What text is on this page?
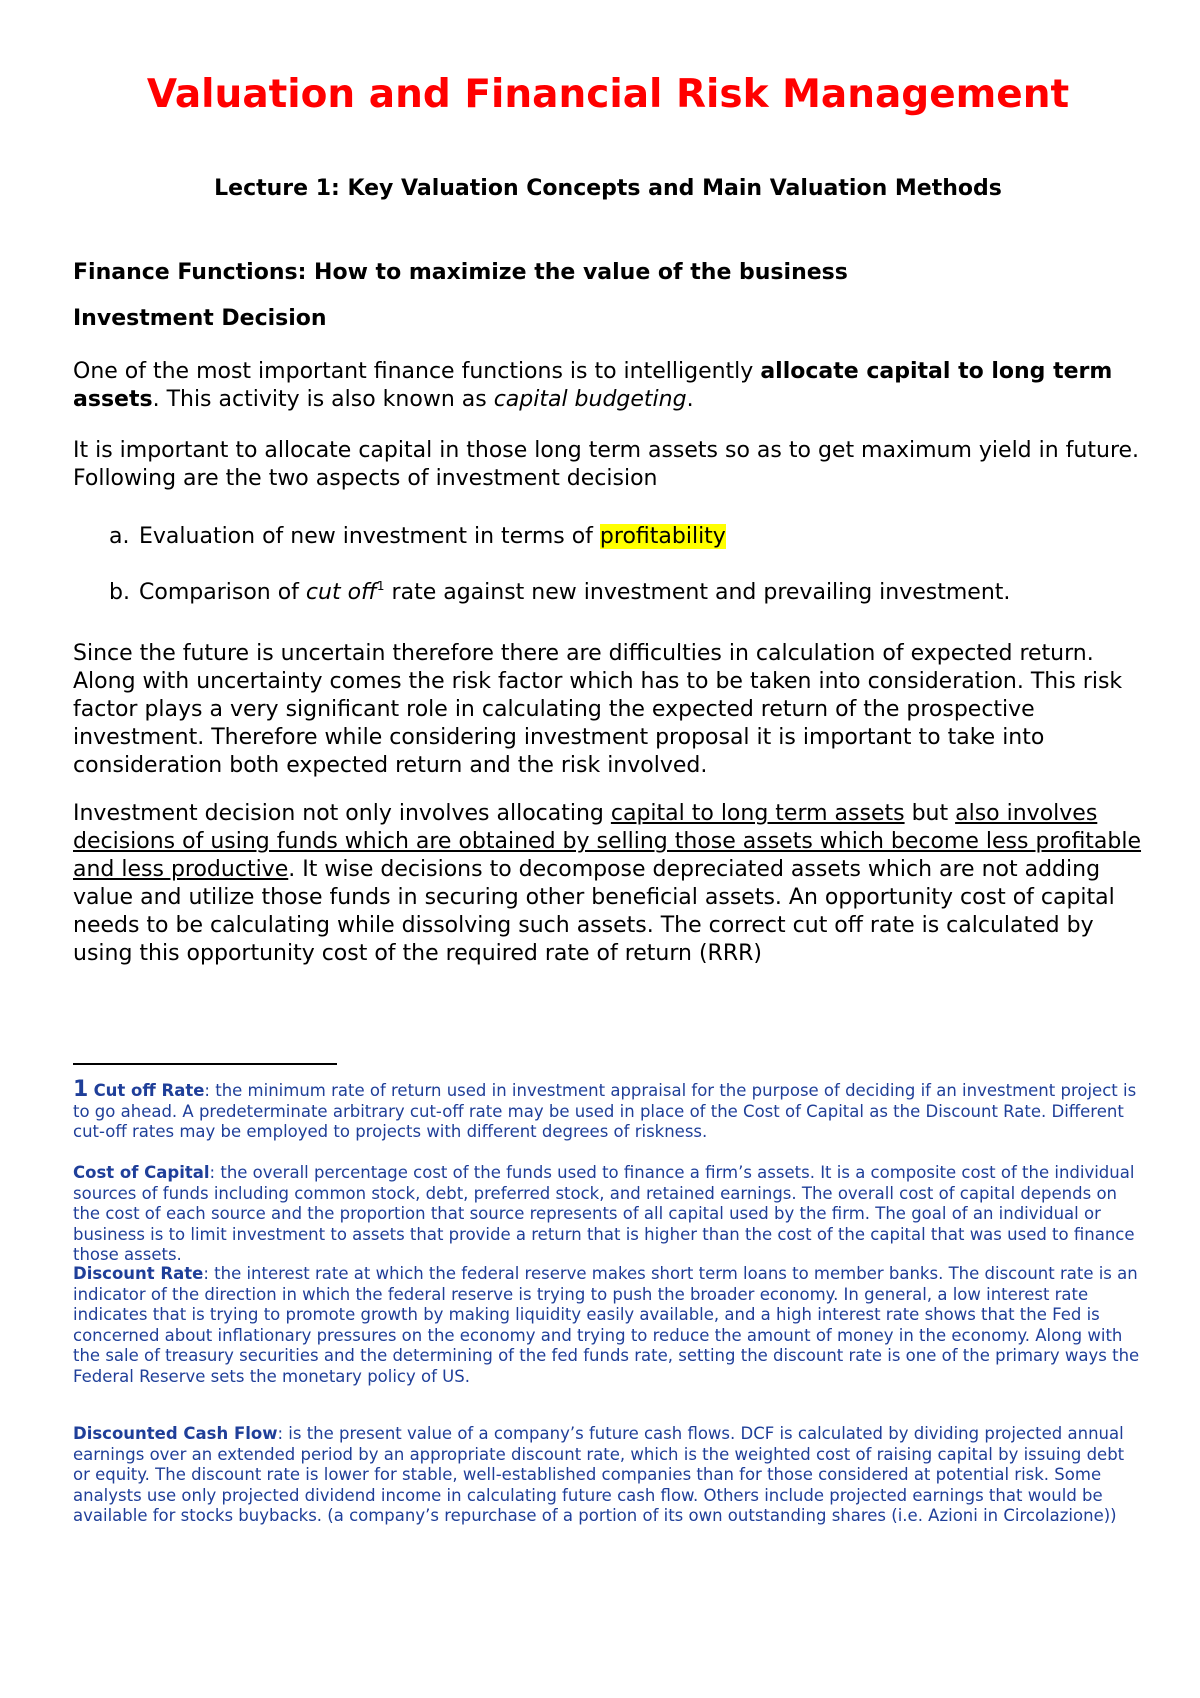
Valuation and Financial Risk Management
Lecture 1: Key Valuation Concepts and Main Valuation Methods
Finance Functions: How to maximize the value of the business
Investment Decision

One of the most important finance functions is to intelligently allocate capital to long term assets. This activity is also known as capital budgeting.

It is important to allocate capital in those long term assets so as to get maximum yield in future. Following are the two aspects of investment decision

a. Evaluation of new investment in terms of profitability
b. Comparison of cut off$^1$ rate against new investment and prevailing investment.

Since the future is uncertain therefore there are difficulties in calculation of expected return. Along with uncertainty comes the risk factor which has to be taken into consideration. This risk factor plays a very significant role in calculating the expected return of the prospective investment. Therefore while considering investment proposal it is important to take into consideration both expected return and the risk involved.

Investment decision not only involves allocating capital to long term assets but also involves decisions of using funds which are obtained by selling those assets which become less profitable and less productive. It wise decisions to decompose depreciated assets which are not adding value and utilize those funds in securing other beneficial assets. An opportunity cost of capital needs to be calculating while dissolving such assets. The correct cut off rate is calculated by using this opportunity cost of the required rate of return (RRR)

1 Cut off Rate: the minimum rate of return used in investment appraisal for the purpose of deciding if an investment project is to go ahead. A predeterminate arbitrary cut-off rate may be used in place of the Cost of Capital as the Discount Rate. Different cut-off rates may be employed to projects with different degrees of riskness.

Cost of Capital: the overall percentage cost of the funds used to finance a firm’s assets. It is a composite cost of the individual sources of funds including common stock, debt, preferred stock, and retained earnings. The overall cost of capital depends on the cost of each source and the proportion that source represents of all capital used by the firm. The goal of an individual or business is to limit investment to assets that provide a return that is higher than the cost of the capital that was used to finance those assets.

Discount Rate: the interest rate at which the federal reserve makes short term loans to member banks. The discount rate is an indicator of the direction in which the federal reserve is trying to push the broader economy. In general, a low interest rate indicates that is trying to promote growth by making liquidity easily available, and a high interest rate shows that the Fed is concerned about inflationary pressures on the economy and trying to reduce the amount of money in the economy. Along with the sale of treasury securities and the determining of the fed funds rate, setting the discount rate is one of the primary ways the Federal Reserve sets the monetary policy of US.

Discounted Cash Flow: is the present value of a company’s future cash flows. DCF is calculated by dividing projected annual earnings over an extended period by an appropriate discount rate, which is the weighted cost of raising capital by issuing debt or equity. The discount rate is lower for stable, well-established companies than for those considered at potential risk. Some analysts use only projected dividend income in calculating future cash flow. Others include projected earnings that would be available for stocks buybacks. (a company’s repurchase of a portion of its own outstanding shares (i.e. Azioni in Circolazione))
